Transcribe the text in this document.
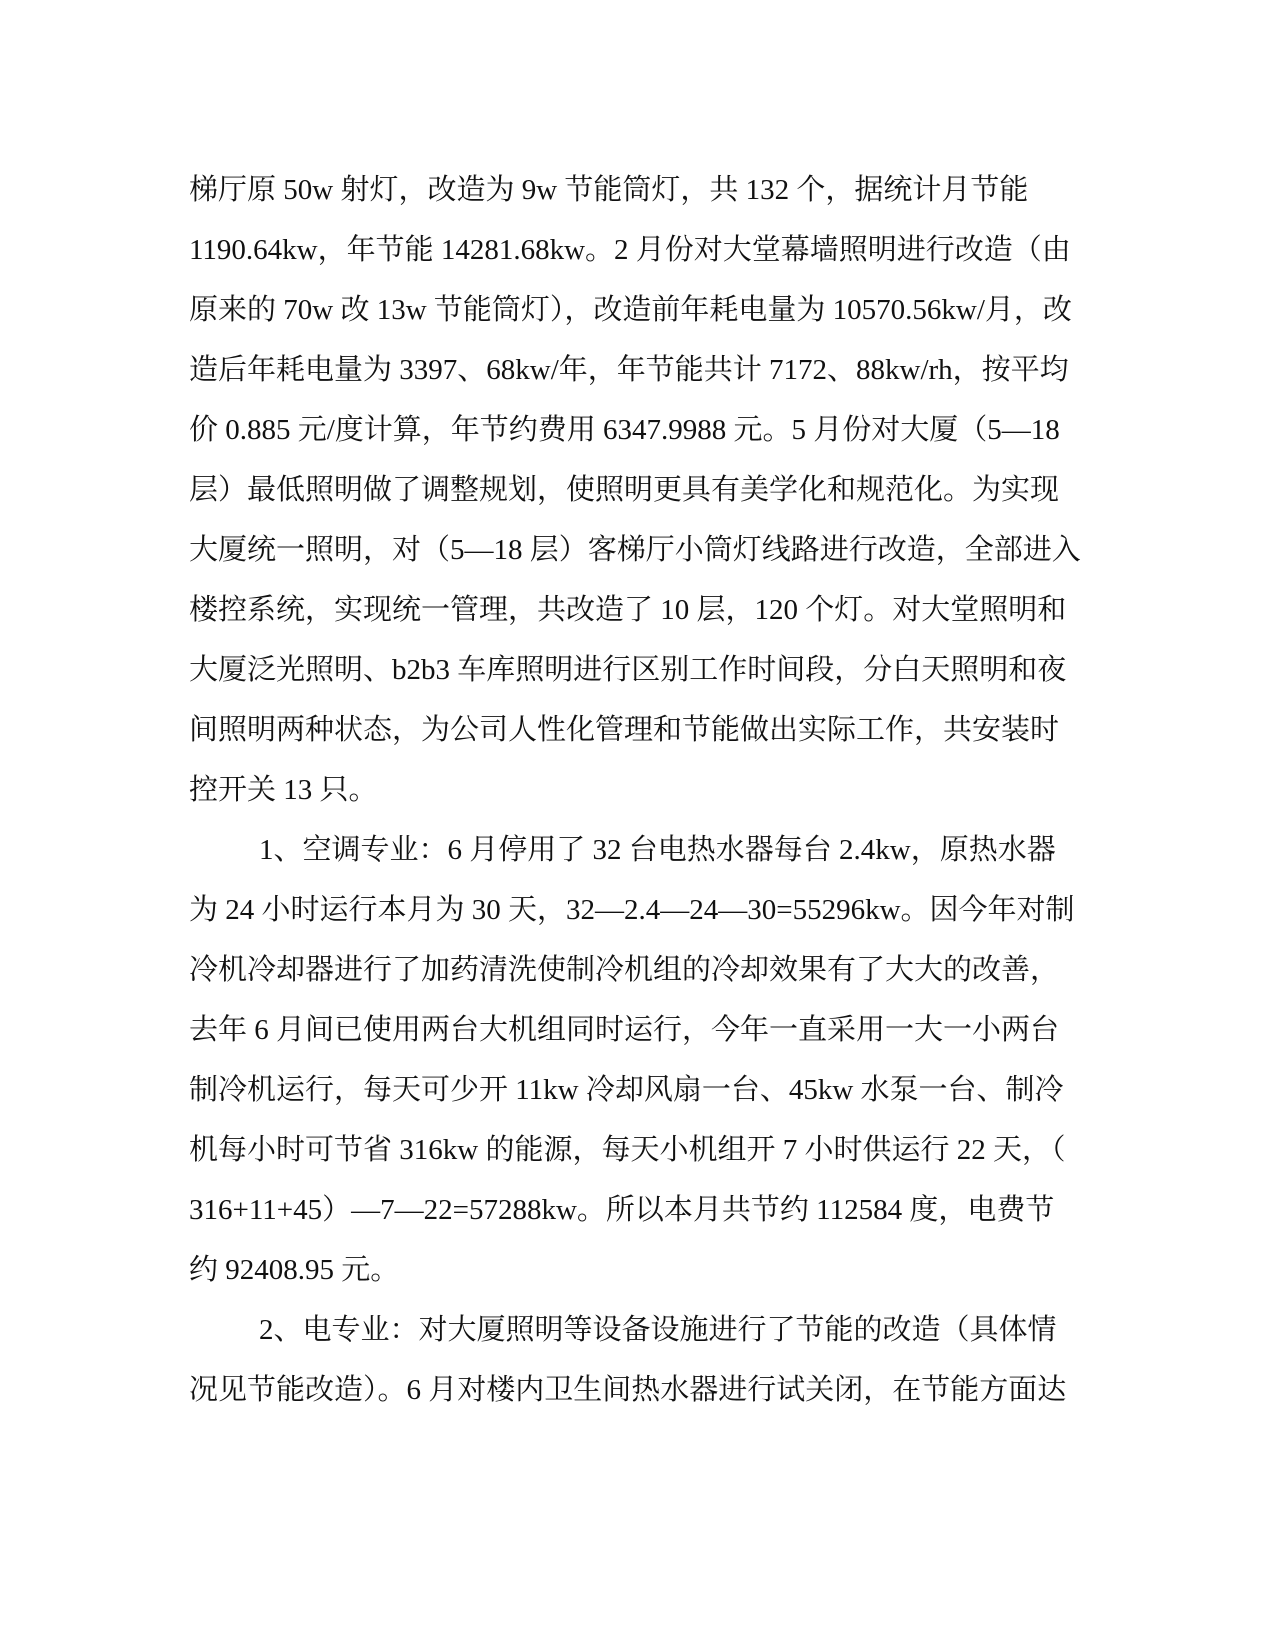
梯厅原 50w 射灯，改造为 9w 节能筒灯，共 132 个，据统计月节能
1190.64kw，年节能 14281.68kw。2 月份对大堂幕墙照明进行改造（由
原来的 70w 改 13w 节能筒灯），改造前年耗电量为 10570.56kw/月，改
造后年耗电量为 3397、68kw/年，年节能共计 7172、88kw/rh，按平均
价 0.885 元/度计算，年节约费用 6347.9988 元。5 月份对大厦（5—18
层）最低照明做了调整规划，使照明更具有美学化和规范化。为实现
大厦统一照明，对（5—18 层）客梯厅小筒灯线路进行改造，全部进入
楼控系统，实现统一管理，共改造了 10 层，120 个灯。对大堂照明和
大厦泛光照明、b2b3 车库照明进行区别工作时间段，分白天照明和夜
间照明两种状态，为公司人性化管理和节能做出实际工作，共安装时
控开关 13 只。
1、空调专业：6 月停用了 32 台电热水器每台 2.4kw，原热水器
为 24 小时运行本月为 30 天，32—2.4—24—30=55296kw。因今年对制
冷机冷却器进行了加药清洗使制冷机组的冷却效果有了大大的改善，
去年 6 月间已使用两台大机组同时运行，今年一直采用一大一小两台
制冷机运行，每天可少开 11kw 冷却风扇一台、45kw 水泵一台、制冷
机每小时可节省 316kw 的能源，每天小机组开 7 小时供运行 22 天，（
316+11+45）—7—22=57288kw。所以本月共节约 112584 度，电费节
约 92408.95 元。
2、电专业：对大厦照明等设备设施进行了节能的改造（具体情
况见节能改造）。6 月对楼内卫生间热水器进行试关闭，在节能方面达
